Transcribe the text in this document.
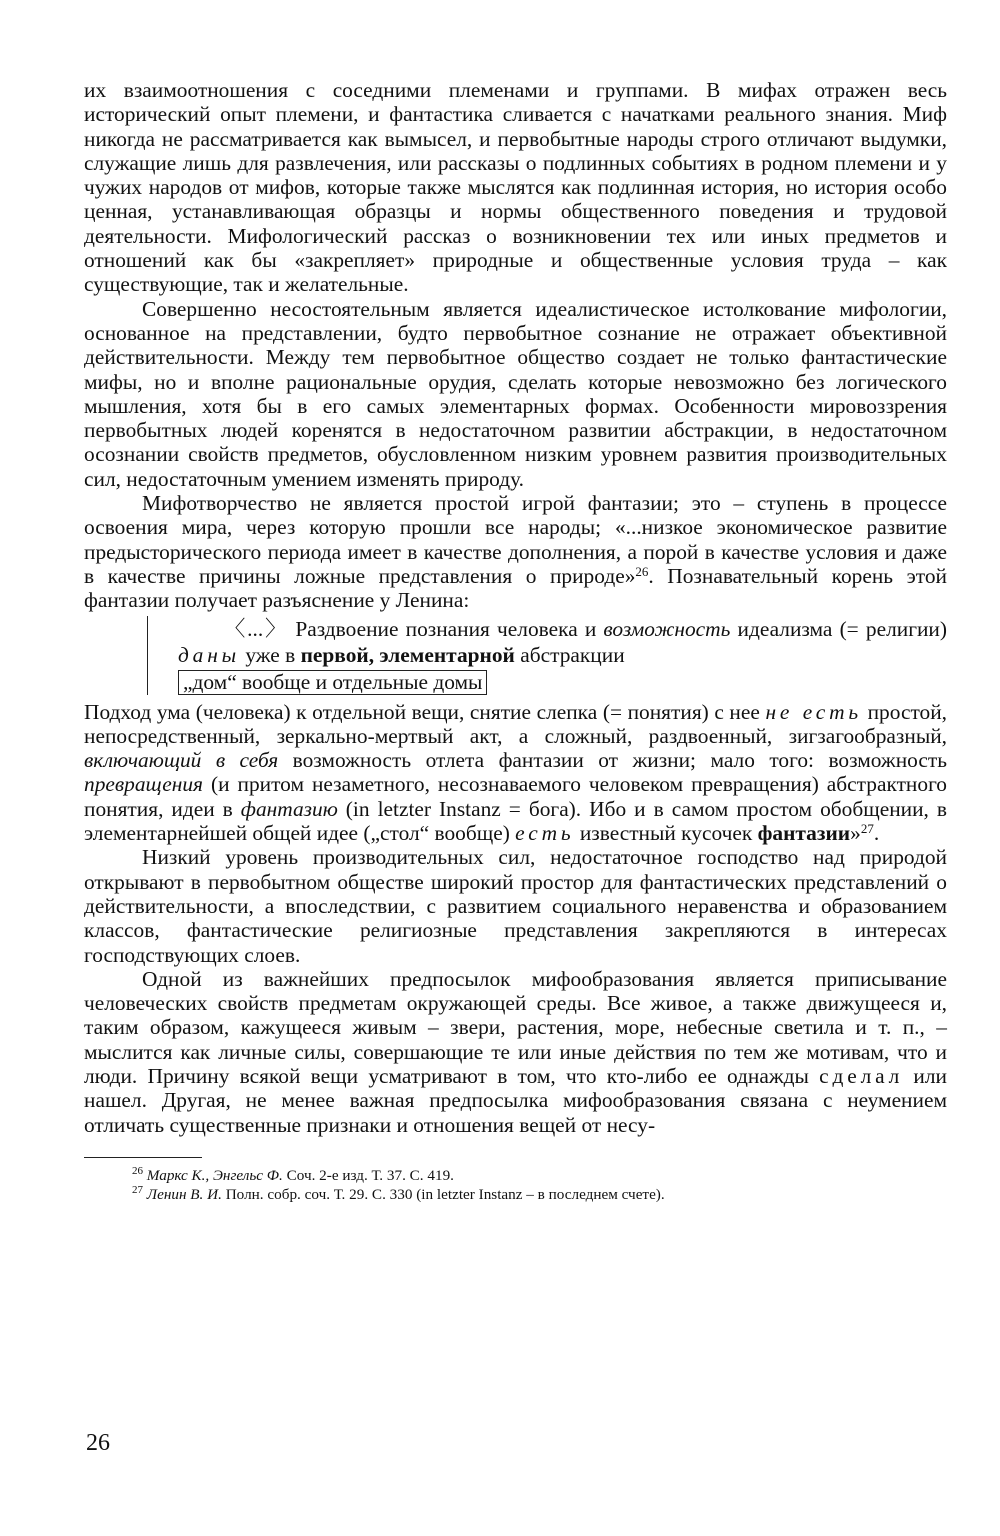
их взаимоотношения с соседними племенами и группами. В мифах отражен весь исторический опыт племени, и фантастика сливается с начатками реального знания. Миф никогда не рассматривается как вымысел, и первобытные народы строго отличают выдумки, служащие лишь для развлечения, или рассказы о подлинных событиях в родном племени и у чужих народов от мифов, которые также мыслятся как подлинная история, но история особо ценная, устанавливающая образцы и нормы общественного поведения и трудовой деятельности. Мифологический рассказ о возникновении тех или иных предметов и отношений как бы «закрепляет» природные и общественные условия труда – как существующие, так и желательные.

Совершенно несостоятельным является идеалистическое истолкование мифологии, основанное на представлении, будто первобытное сознание не отражает объективной действительности. Между тем первобытное общество создает не только фантастические мифы, но и вполне рациональные орудия, сделать которые невозможно без логического мышления, хотя бы в его самых элементарных формах. Особенности мировоззрения первобытных людей коренятся в недостаточном развитии абстракции, в недостаточном осознании свойств предметов, обусловленном низким уровнем развития производительных сил, недостаточным умением изменять природу.

Мифотворчество не является простой игрой фантазии; это – ступень в процессе освоения мира, через которую прошли все народы; «...низкое экономическое развитие предысторического периода имеет в качестве дополнения, а порой в качестве условия и даже в качестве причины ложные представления о природе»$^{26}$. Познавательный корень этой фантазии получает разъяснение у Ленина:

〈...〉 Раздвоение познания человека и возможность идеализма (= религии) даны уже в первой, элементарной абстракции
„дом“ вообще и отдельные домы

Подход ума (человека) к отдельной вещи, снятие слепка (= понятия) с нее не есть простой, непосредственный, зеркально-мертвый акт, а сложный, раздвоенный, зигзагообразный, включающий в себя возможность отлета фантазии от жизни; мало того: возможность превращения (и притом незаметного, несознаваемого человеком превращения) абстрактного понятия, идеи в фантазию (in letzter Instanz = бога). Ибо и в самом простом обобщении, в элементарнейшей общей идее („стол“ вообще) есть известный кусочек фантазии»$^{27}$.

Низкий уровень производительных сил, недостаточное господство над природой открывают в первобытном обществе широкий простор для фантастических представлений о действительности, а впоследствии, с развитием социального неравенства и образованием классов, фантастические религиозные представления закрепляются в интересах господствующих слоев.

Одной из важнейших предпосылок мифообразования является приписывание человеческих свойств предметам окружающей среды. Все живое, а также движущееся и, таким образом, кажущееся живым – звери, растения, море, небесные светила и т. п., – мыслится как личные силы, совершающие те или иные действия по тем же мотивам, что и люди. Причину всякой вещи усматривают в том, что кто-либо ее однажды сделал или нашел. Другая, не менее важная предпосылка мифообразования связана с неумением отличать существенные признаки и отношения вещей от несу-

$^{26}$ Маркс К., Энгельс Ф. Соч. 2-е изд. Т. 37. С. 419.

$^{27}$ Ленин В. И. Полн. собр. соч. Т. 29. С. 330 (in letzter Instanz – в последнем счете).

26
